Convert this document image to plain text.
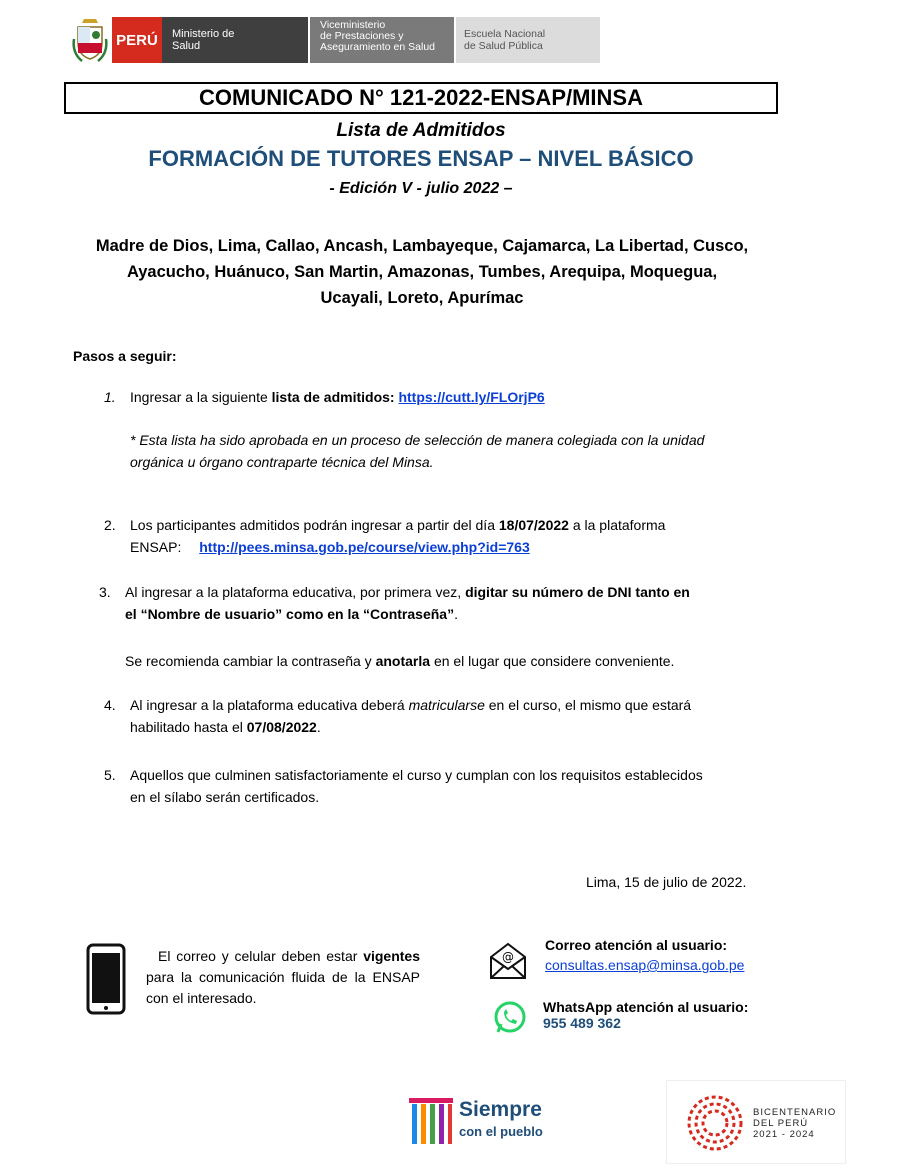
PERÚ	Ministerio de Salud
Viceministerio
de Prestaciones y
Aseguramiento en Salud
Escuela Nacional
de Salud Pública
COMUNICADO N° 121-2022-ENSAP/MINSA
Lista de Admitidos
FORMACIÓN DE TUTORES ENSAP – NIVEL BÁSICO
- Edición V - julio 2022 –
Madre de Dios, Lima, Callao, Ancash, Lambayeque, Cajamarca, La Libertad, Cusco,
Ayacucho, Huánuco, San Martin, Amazonas, Tumbes, Arequipa, Moquegua,
Ucayali, Loreto, Apurímac
Pasos a seguir:
1. Ingresar a la siguiente lista de admitidos: https://cutt.ly/FLOrjP6
* Esta lista ha sido aprobada en un proceso de selección de manera colegiada con la unidad
orgánica u órgano contraparte técnica del Minsa.
2. Los participantes admitidos podrán ingresar a partir del día 18/07/2022 a la plataforma
ENSAP: http://pees.minsa.gob.pe/course/view.php?id=763
3. Al ingresar a la plataforma educativa, por primera vez, digitar su número de DNI tanto en
el “Nombre de usuario” como en la “Contraseña”.
Se recomienda cambiar la contraseña y anotarla en el lugar que considere conveniente.
4. Al ingresar a la plataforma educativa deberá matricularse en el curso, el mismo que estará
habilitado hasta el 07/08/2022.
5. Aquellos que culminen satisfactoriamente el curso y cumplan con los requisitos establecidos
en el sílabo serán certificados.
Lima, 15 de julio de 2022.
El correo y celular deben estar vigentes para la comunicación fluida de la ENSAP con el interesado.
@
Correo atención al usuario:
consultas.ensap@minsa.gob.pe
WhatsApp atención al usuario:
955 489 362
Siempre
con el pueblo
BICENTENARIO
DEL PERÚ
2021 - 2024
